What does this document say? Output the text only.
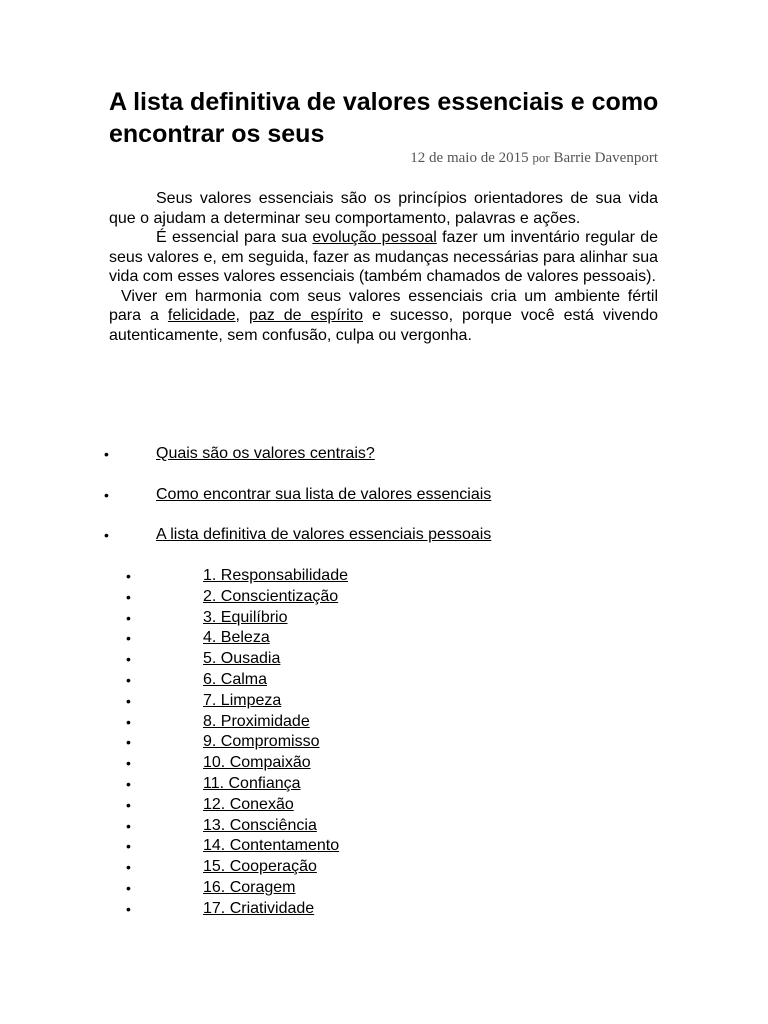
A lista definitiva de valores essenciais e como encontrar os seus
12 de maio de 2015 por Barrie Davenport

Seus valores essenciais são os princípios orientadores de sua vida que o ajudam a determinar seu comportamento, palavras e ações.

É essencial para sua evolução pessoal fazer um inventário regular de seus valores e, em seguida, fazer as mudanças necessárias para alinhar sua vida com esses valores essenciais (também chamados de valores pessoais).

Viver em harmonia com seus valores essenciais cria um ambiente fértil para a felicidade, paz de espírito e sucesso, porque você está vivendo autenticamente, sem confusão, culpa ou vergonha.

•	Quais são os valores centrais?
•	Como encontrar sua lista de valores essenciais
•	A lista definitiva de valores essenciais pessoais
•	1. Responsabilidade
•	2. Conscientização
•	3. Equilíbrio
•	4. Beleza
•	5. Ousadia
•	6. Calma
•	7. Limpeza
•	8. Proximidade
•	9. Compromisso
•	10. Compaixão
•	11. Confiança
•	12. Conexão
•	13. Consciência
•	14. Contentamento
•	15. Cooperação
•	16. Coragem
•	17. Criatividade
